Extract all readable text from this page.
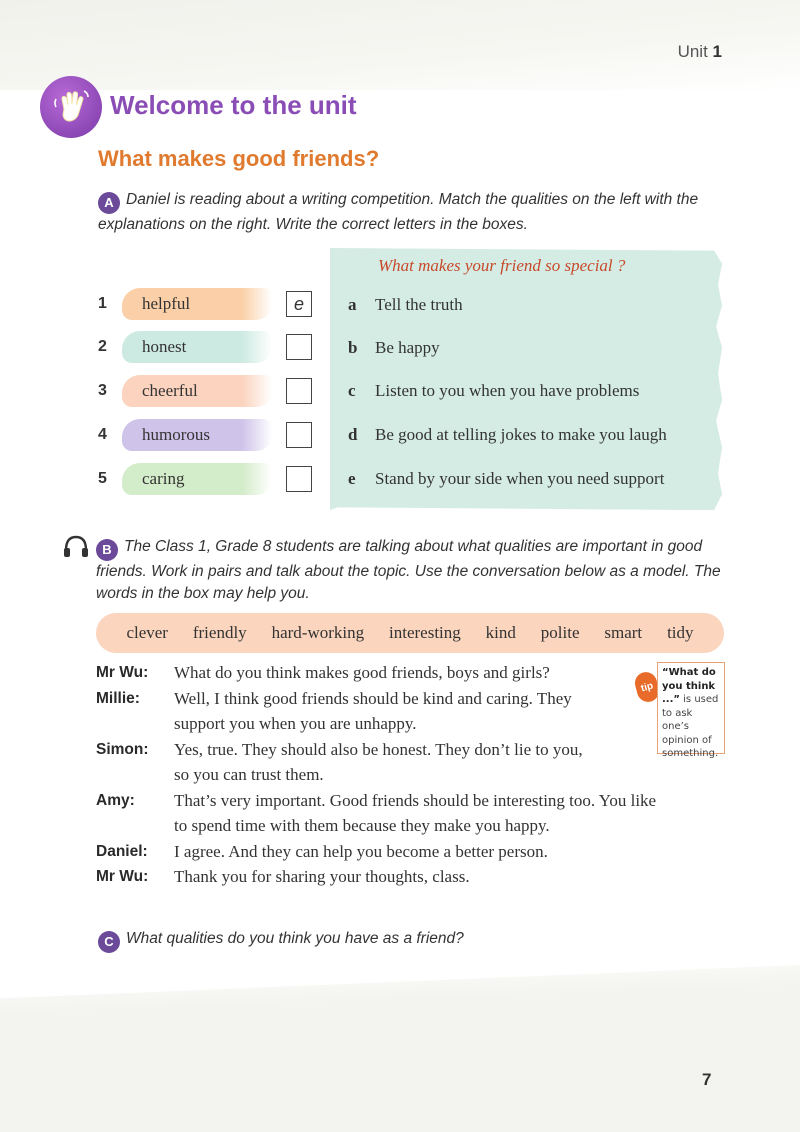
Unit 1
Welcome to the unit
What makes good friends?
A Daniel is reading about a writing competition. Match the qualities on the left with the explanations on the right. Write the correct letters in the boxes.
1	helpful	e
2	honest
3	cheerful
4	humorous
5	caring
What makes your friend so special ?
a	Tell the truth
b	Be happy
c	Listen to you when you have problems
d	Be good at telling jokes to make you laugh
e	Stand by your side when you need support
B The Class 1, Grade 8 students are talking about what qualities are important in good friends. Work in pairs and talk about the topic. Use the conversation below as a model. The words in the box may help you.
clever friendly hard-working interesting kind polite smart tidy
Mr Wu:	What do you think makes good friends, boys and girls?
Millie:	Well, I think good friends should be kind and caring. They
support you when you are unhappy.
Simon:	Yes, true. They should also be honest. They don’t lie to you,
so you can trust them.
Amy:	That’s very important. Good friends should be interesting too. You like
to spend time with them because they make you happy.
Daniel:	I agree. And they can help you become a better person.
Mr Wu:	Thank you for sharing your thoughts, class.
tip
“What do you think ...” is used to ask one’s opinion of something.
C What qualities do you think you have as a friend?
7
